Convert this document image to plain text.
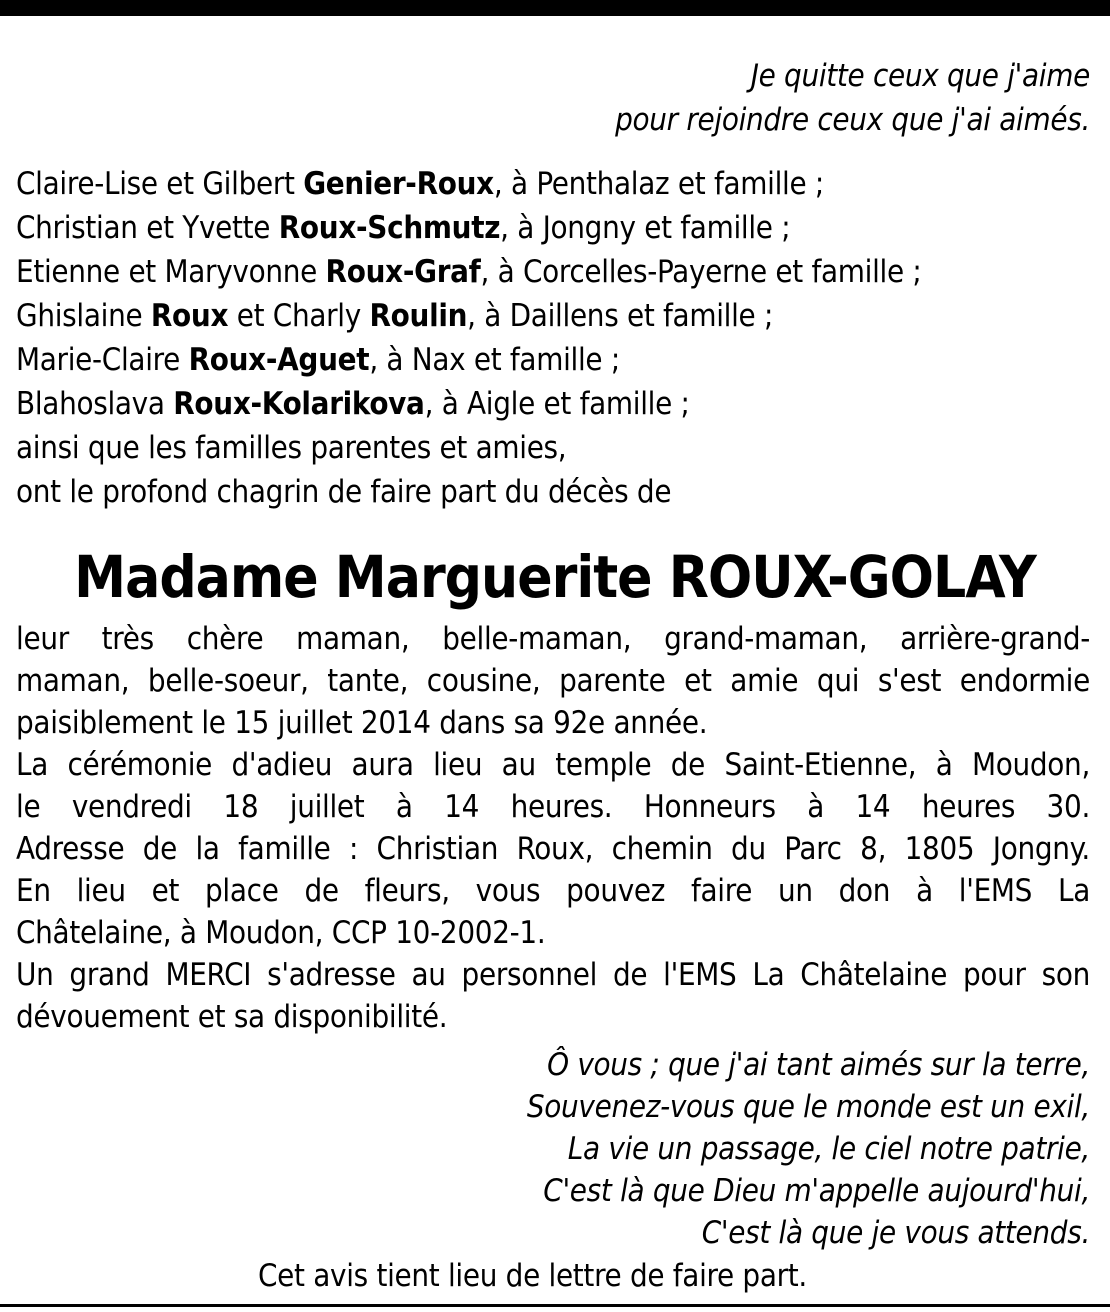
Je quitte ceux que j'aime
pour rejoindre ceux que j'ai aimés.
Claire-Lise et Gilbert Genier-Roux, à Penthalaz et famille ;
Christian et Yvette Roux-Schmutz, à Jongny et famille ;
Etienne et Maryvonne Roux-Graf, à Corcelles-Payerne et famille ;
Ghislaine Roux et Charly Roulin, à Daillens et famille ;
Marie-Claire Roux-Aguet, à Nax et famille ;
Blahoslava Roux-Kolarikova, à Aigle et famille ;
ainsi que les familles parentes et amies,
ont le profond chagrin de faire part du décès de
Madame Marguerite ROUX-GOLAY
leur très chère maman, belle-maman, grand-maman, arrière-grand-
maman, belle-soeur, tante, cousine, parente et amie qui s'est endormie
paisiblement le 15 juillet 2014 dans sa 92e année.
La cérémonie d'adieu aura lieu au temple de Saint-Etienne, à Moudon,
le vendredi 18 juillet à 14 heures. Honneurs à 14 heures 30.
Adresse de la famille : Christian Roux, chemin du Parc 8, 1805 Jongny.
En lieu et place de fleurs, vous pouvez faire un don à l'EMS La
Châtelaine, à Moudon, CCP 10-2002-1.
Un grand MERCI s'adresse au personnel de l'EMS La Châtelaine pour son
dévouement et sa disponibilité.
Ô vous ; que j'ai tant aimés sur la terre,
Souvenez-vous que le monde est un exil,
La vie un passage, le ciel notre patrie,
C'est là que Dieu m'appelle aujourd'hui,
C'est là que je vous attends.
Cet avis tient lieu de lettre de faire part.
